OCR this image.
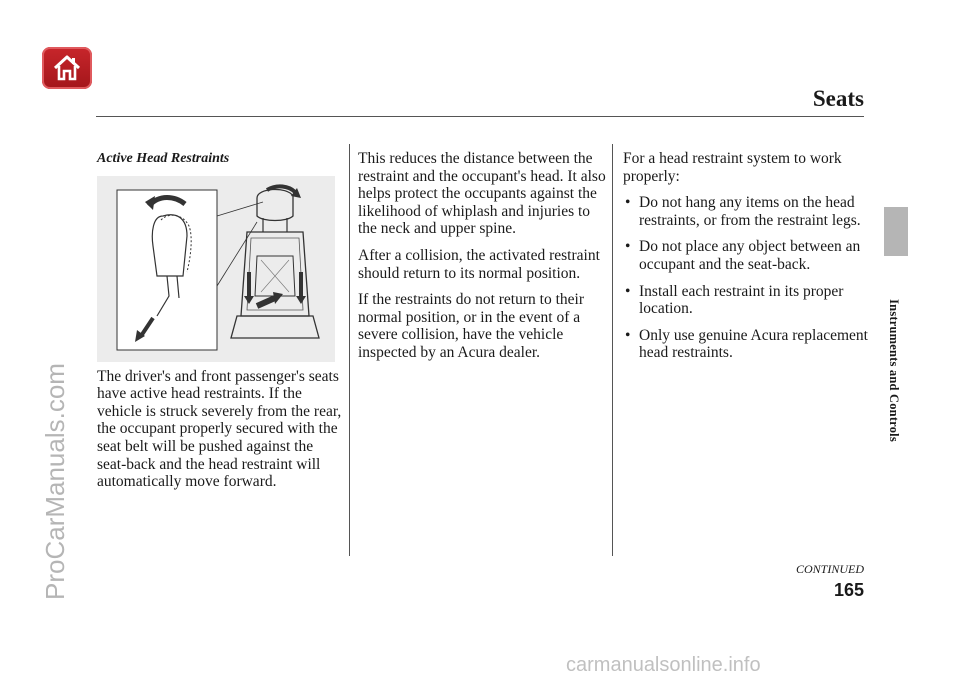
Seats
Instruments and Controls
Active Head Restraints

The driver's and front passenger's seats have active head restraints. If the vehicle is struck severely from the rear, the occupant properly secured with the seat belt will be pushed against the seat-back and the head restraint will automatically move forward.

This reduces the distance between the restraint and the occupant's head. It also helps protect the occupants against the likelihood of whiplash and injuries to the neck and upper spine.

After a collision, the activated restraint should return to its normal position.

If the restraints do not return to their normal position, or in the event of a severe collision, have the vehicle inspected by an Acura dealer.

For a head restraint system to work properly:

• Do not hang any items on the head restraints, or from the restraint legs.
• Do not place any object between an occupant and the seat-back.
• Install each restraint in its proper location.
• Only use genuine Acura replacement head restraints.
CONTINUED
165
ProCarManuals.com
carmanualsonline.info
